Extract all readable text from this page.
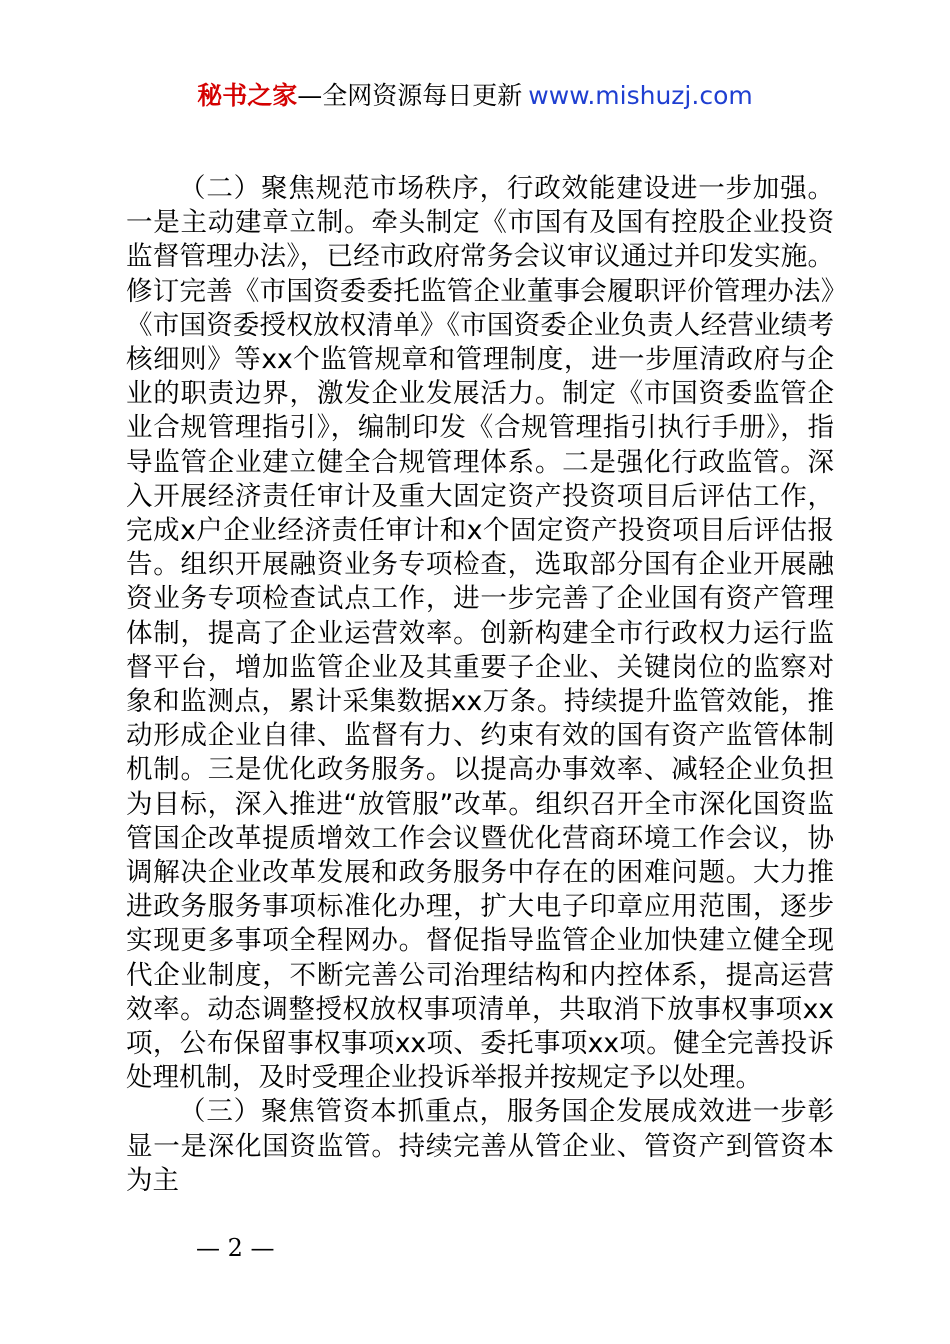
秘书之家—全网资源每日更新 www.mishuzj.com

（二）聚焦规范市场秩序，行政效能建设进一步加强。一是主动建章立制。牵头制定《市国有及国有控股企业投资监督管理办法》，已经市政府常务会议审议通过并印发实施。修订完善《市国资委委托监管企业董事会履职评价管理办法》《市国资委授权放权清单》《市国资委企业负责人经营业绩考核细则》等xx个监管规章和管理制度，进一步厘清政府与企业的职责边界，激发企业发展活力。制定《市国资委监管企业合规管理指引》，编制印发《合规管理指引执行手册》，指导监管企业建立健全合规管理体系。二是强化行政监管。深入开展经济责任审计及重大固定资产投资项目后评估工作，完成x户企业经济责任审计和x个固定资产投资项目后评估报告。组织开展融资业务专项检查，选取部分国有企业开展融资业务专项检查试点工作，进一步完善了企业国有资产管理体制，提高了企业运营效率。创新构建全市行政权力运行监督平台，增加监管企业及其重要子企业、关键岗位的监察对象和监测点，累计采集数据xx万条。持续提升监管效能，推动形成企业自律、监督有力、约束有效的国有资产监管体制机制。三是优化政务服务。以提高办事效率、减轻企业负担为目标，深入推进“放管服”改革。组织召开全市深化国资监管国企改革提质增效工作会议暨优化营商环境工作会议，协调解决企业改革发展和政务服务中存在的困难问题。大力推进政务服务事项标准化办理，扩大电子印章应用范围，逐步实现更多事项全程网办。督促指导监管企业加快建立健全现代企业制度，不断完善公司治理结构和内控体系，提高运营效率。动态调整授权放权事项清单，共取消下放事权事项xx项，公布保留事权事项xx项、委托事项xx项。健全完善投诉处理机制，及时受理企业投诉举报并按规定予以处理。

（三）聚焦管资本抓重点，服务国企发展成效进一步彰显一是深化国资监管。持续完善从管企业、管资产到管资本为主

— 2 —
